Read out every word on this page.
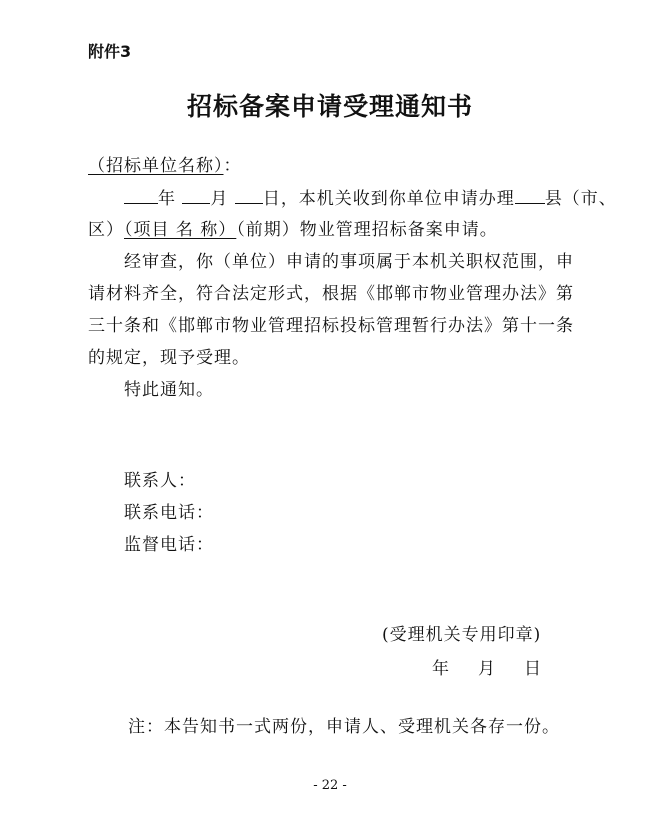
附件3
招标备案申请受理通知书
（招标单位名称）：
年 月 日，本机关收到你单位申请办理 县（市、
区）（项目 名 称）（前期）物业管理招标备案申请。
经审查，你（单位）申请的事项属于本机关职权范围，申
请材料齐全，符合法定形式，根据《邯郸市物业管理办法》第
三十条和《邯郸市物业管理招标投标管理暂行办法》第十一条
的规定，现予受理。
特此通知。
联系人：
联系电话：
监督电话：
(受理机关专用印章)
年 月 日
注：本告知书一式两份，申请人、受理机关各存一份。
- 22 -
